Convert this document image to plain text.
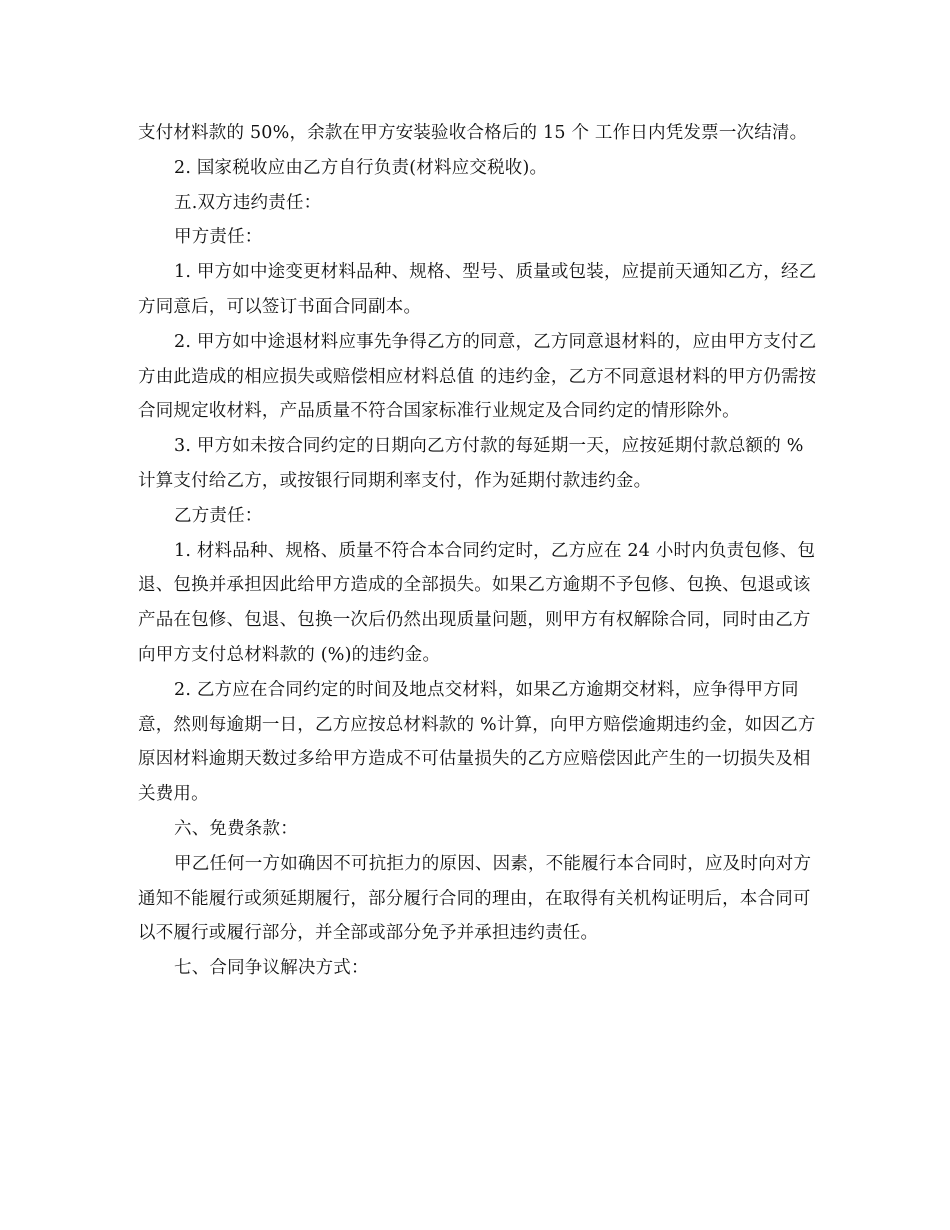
支付材料款的 50%，余款在甲方安装验收合格后的 15 个 工作日内凭发票一次结清。

2. 国家税收应由乙方自行负责(材料应交税收)。

五.双方违约责任：

甲方责任：

1. 甲方如中途变更材料品种、规格、型号、质量或包装，应提前天通知乙方，经乙方同意后，可以签订书面合同副本。

2. 甲方如中途退材料应事先争得乙方的同意，乙方同意退材料的，应由甲方支付乙方由此造成的相应损失或赔偿相应材料总值 的违约金，乙方不同意退材料的甲方仍需按合同规定收材料，产品质量不符合国家标准行业规定及合同约定的情形除外。

3. 甲方如未按合同约定的日期向乙方付款的每延期一天，应按延期付款总额的 %计算支付给乙方，或按银行同期利率支付，作为延期付款违约金。

乙方责任：

1. 材料品种、规格、质量不符合本合同约定时，乙方应在 24 小时内负责包修、包退、包换并承担因此给甲方造成的全部损失。如果乙方逾期不予包修、包换、包退或该产品在包修、包退、包换一次后仍然出现质量问题，则甲方有权解除合同，同时由乙方向甲方支付总材料款的 (%)的违约金。

2. 乙方应在合同约定的时间及地点交材料，如果乙方逾期交材料，应争得甲方同意，然则每逾期一日，乙方应按总材料款的 %计算，向甲方赔偿逾期违约金，如因乙方原因材料逾期天数过多给甲方造成不可估量损失的乙方应赔偿因此产生的一切损失及相关费用。

六、免费条款：

甲乙任何一方如确因不可抗拒力的原因、因素，不能履行本合同时，应及时向对方通知不能履行或须延期履行，部分履行合同的理由，在取得有关机构证明后，本合同可以不履行或履行部分，并全部或部分免予并承担违约责任。

七、合同争议解决方式：
